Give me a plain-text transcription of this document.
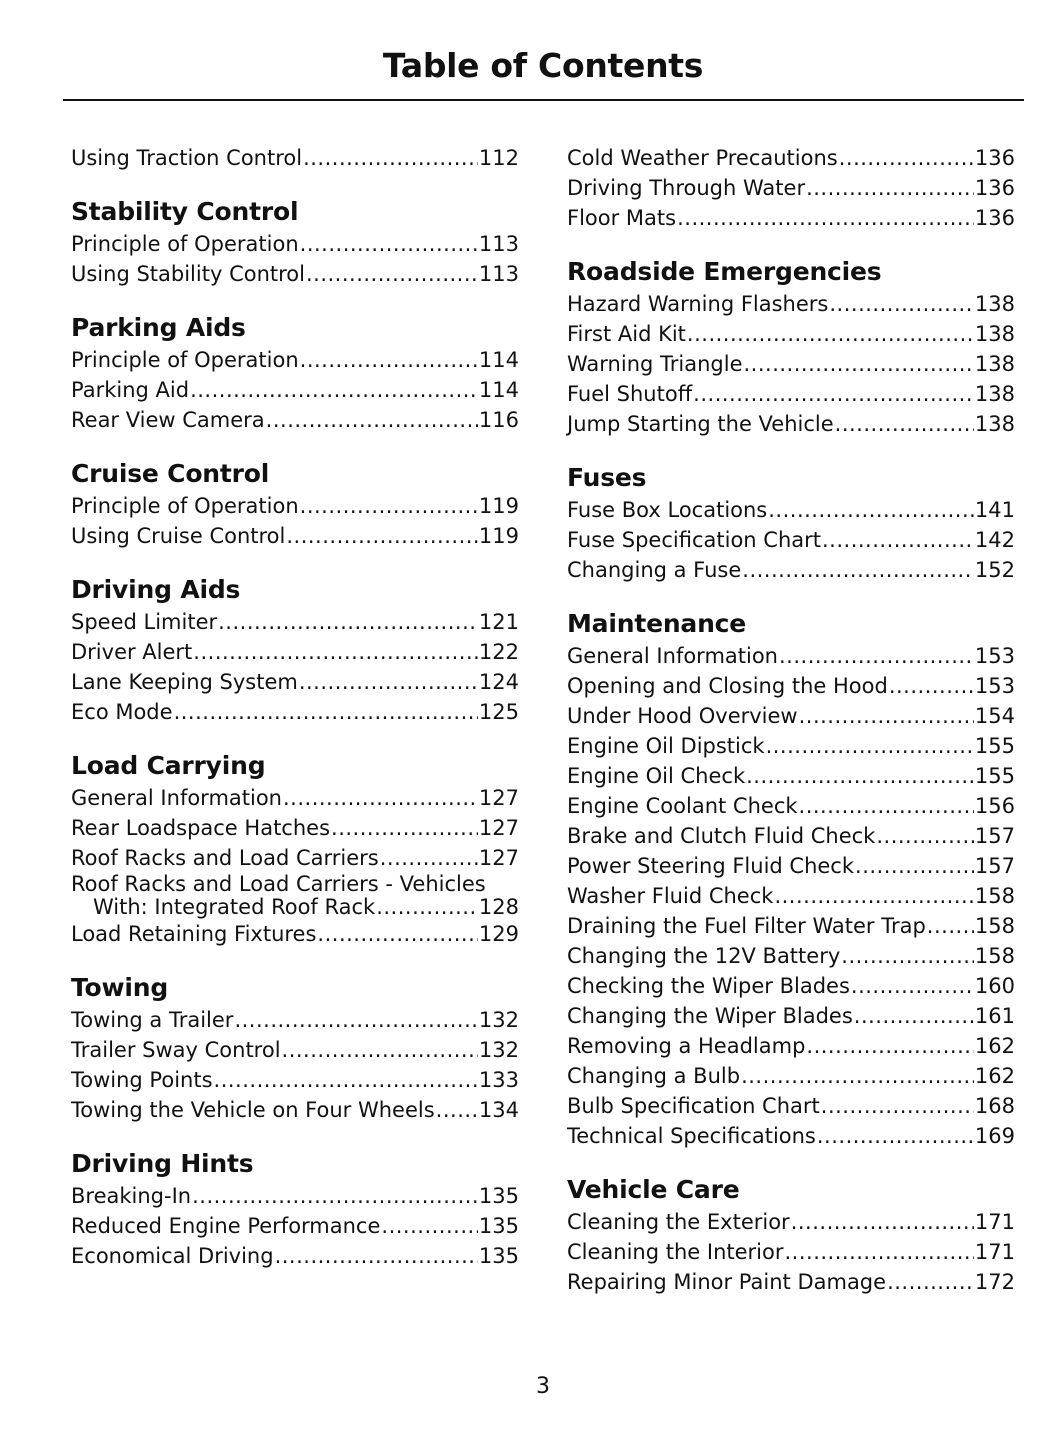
Table of Contents
Using Traction Control .....	112
Stability Control
Principle of Operation .....	113
Using Stability Control .....	113
Parking Aids
Principle of Operation .....	114
Parking Aid .....	114
Rear View Camera .....	116
Cruise Control
Principle of Operation .....	119
Using Cruise Control .....	119
Driving Aids
Speed Limiter .....	121
Driver Alert .....	122
Lane Keeping System .....	124
Eco Mode .....	125
Load Carrying
General Information .....	127
Rear Loadspace Hatches .....	127
Roof Racks and Load Carriers .....	127
Roof Racks and Load Carriers - Vehicles
With: Integrated Roof Rack .....	128
Load Retaining Fixtures .....	129
Towing
Towing a Trailer .....	132
Trailer Sway Control .....	132
Towing Points .....	133
Towing the Vehicle on Four Wheels ..... 134
Driving Hints
Breaking-In .....	135
Reduced Engine Performance .....	135
Economical Driving .....	135
Cold Weather Precautions .....	136
Driving Through Water .....	136
Floor Mats .....	136
Roadside Emergencies
Hazard Warning Flashers .....	138
First Aid Kit .....	138
Warning Triangle .....	138
Fuel Shutoff .....	138
Jump Starting the Vehicle .....	138
Fuses
Fuse Box Locations .....	141
Fuse Specification Chart .....	142
Changing a Fuse .....	152
Maintenance
General Information .....	153
Opening and Closing the Hood .....	153
Under Hood Overview .....	154
Engine Oil Dipstick .....	155
Engine Oil Check .....	155
Engine Coolant Check .....	156
Brake and Clutch Fluid Check .....	157
Power Steering Fluid Check .....	157
Washer Fluid Check .....	158
Draining the Fuel Filter Water Trap ..... 158
Changing the 12V Battery .....	158
Checking the Wiper Blades .....	160
Changing the Wiper Blades .....	161
Removing a Headlamp .....	162
Changing a Bulb .....	162
Bulb Specification Chart .....	168
Technical Specifications .....	169
Vehicle Care
Cleaning the Exterior .....	171
Cleaning the Interior .....	171
Repairing Minor Paint Damage .....	172
3
